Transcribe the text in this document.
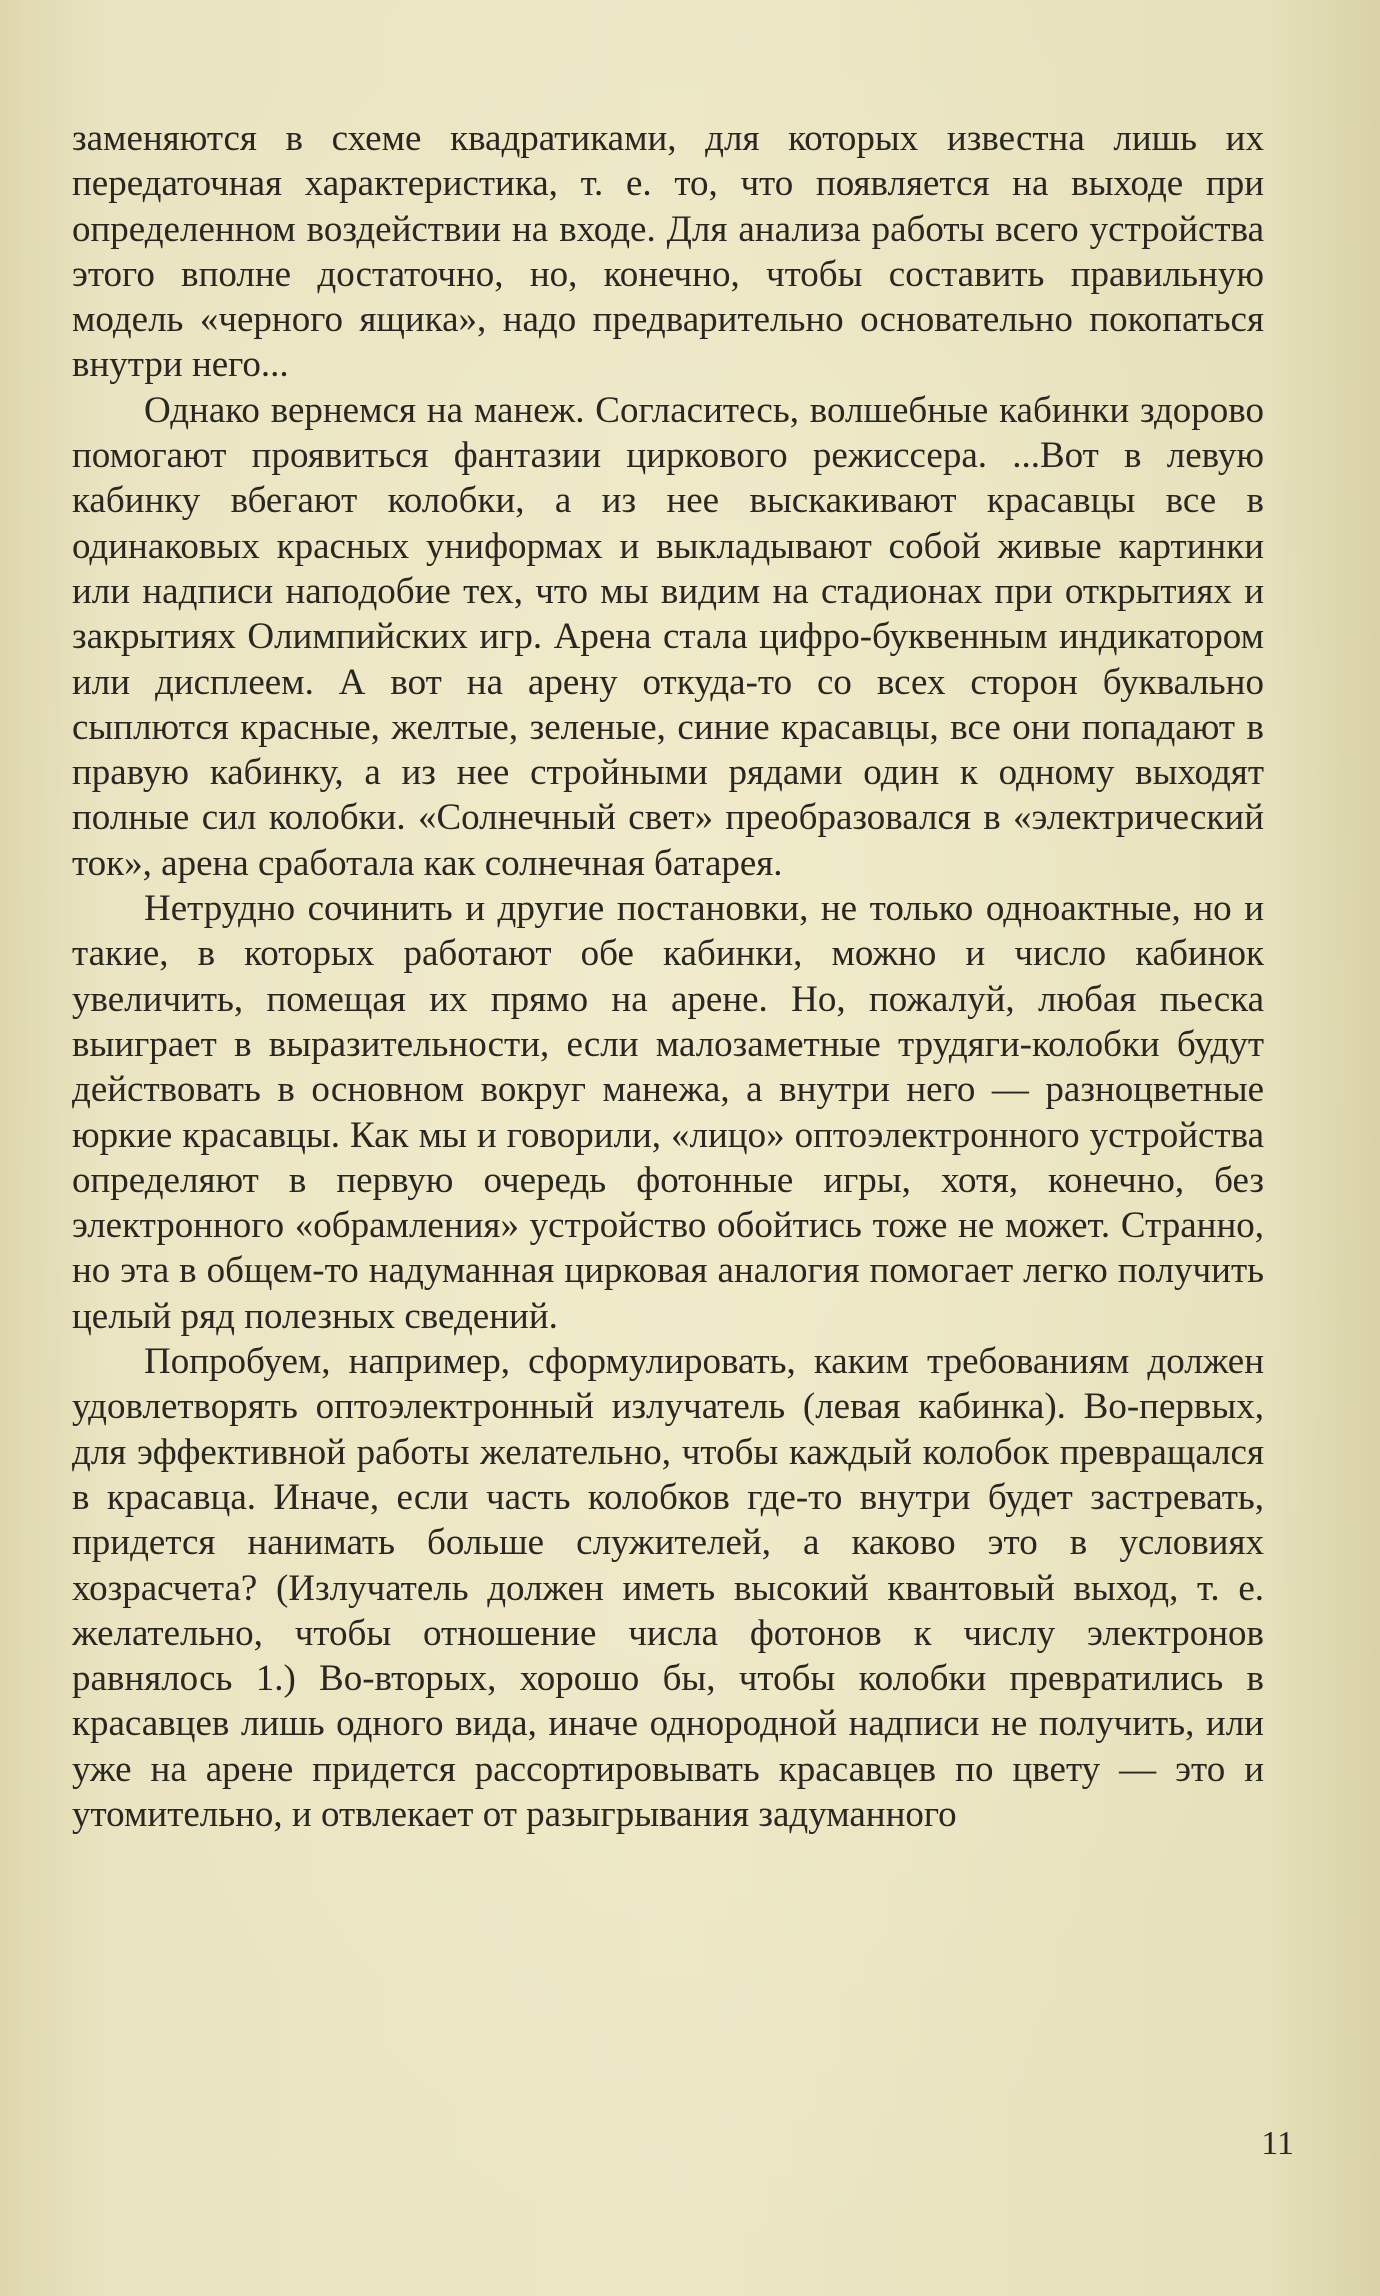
заменяются в схеме квадратиками, для которых известна лишь их передаточная характеристика, т. е. то, что появляется на выходе при определенном воздействии на входе. Для анализа работы всего устройства этого вполне достаточно, но, конечно, чтобы составить правильную модель «черного ящика», надо предварительно основательно покопаться внутри него...

Однако вернемся на манеж. Согласитесь, волшебные кабинки здорово помогают проявиться фантазии циркового режиссера. ...Вот в левую кабинку вбегают колобки, а из нее выскакивают красавцы все в одинаковых красных униформах и выкладывают собой живые картинки или надписи наподобие тех, что мы видим на стадионах при открытиях и закрытиях Олимпийских игр. Арена стала цифро-буквенным индикатором или дисплеем. А вот на арену откуда-то со всех сторон буквально сыплются красные, желтые, зеленые, синие красавцы, все они попадают в правую кабинку, а из нее стройными рядами один к одному выходят полные сил колобки. «Солнечный свет» преобразовался в «электрический ток», арена сработала как солнечная батарея.

Нетрудно сочинить и другие постановки, не только одноактные, но и такие, в которых работают обе кабинки, можно и число кабинок увеличить, помещая их прямо на арене. Но, пожалуй, любая пьеска выиграет в выразительности, если малозаметные трудяги-колобки будут действовать в основном вокруг манежа, а внутри него — разноцветные юркие красавцы. Как мы и говорили, «лицо» оптоэлектронного устройства определяют в первую очередь фотонные игры, хотя, конечно, без электронного «обрамления» устройство обойтись тоже не может. Странно, но эта в общем-то надуманная цирковая аналогия помогает легко получить целый ряд полезных сведений.

Попробуем, например, сформулировать, каким требованиям должен удовлетворять оптоэлектронный излучатель (левая кабинка). Во-первых, для эффективной работы желательно, чтобы каждый колобок превращался в красавца. Иначе, если часть колобков где-то внутри будет застревать, придется нанимать больше служителей, а каково это в условиях хозрасчета? (Излучатель должен иметь высокий квантовый выход, т. е. желательно, чтобы отношение числа фотонов к числу электронов равнялось 1.) Во-вторых, хорошо бы, чтобы колобки превратились в красавцев лишь одного вида, иначе однородной надписи не получить, или уже на арене придется рассортировывать красавцев по цвету — это и утомительно, и отвлекает от разыгрывания задуманного

11
